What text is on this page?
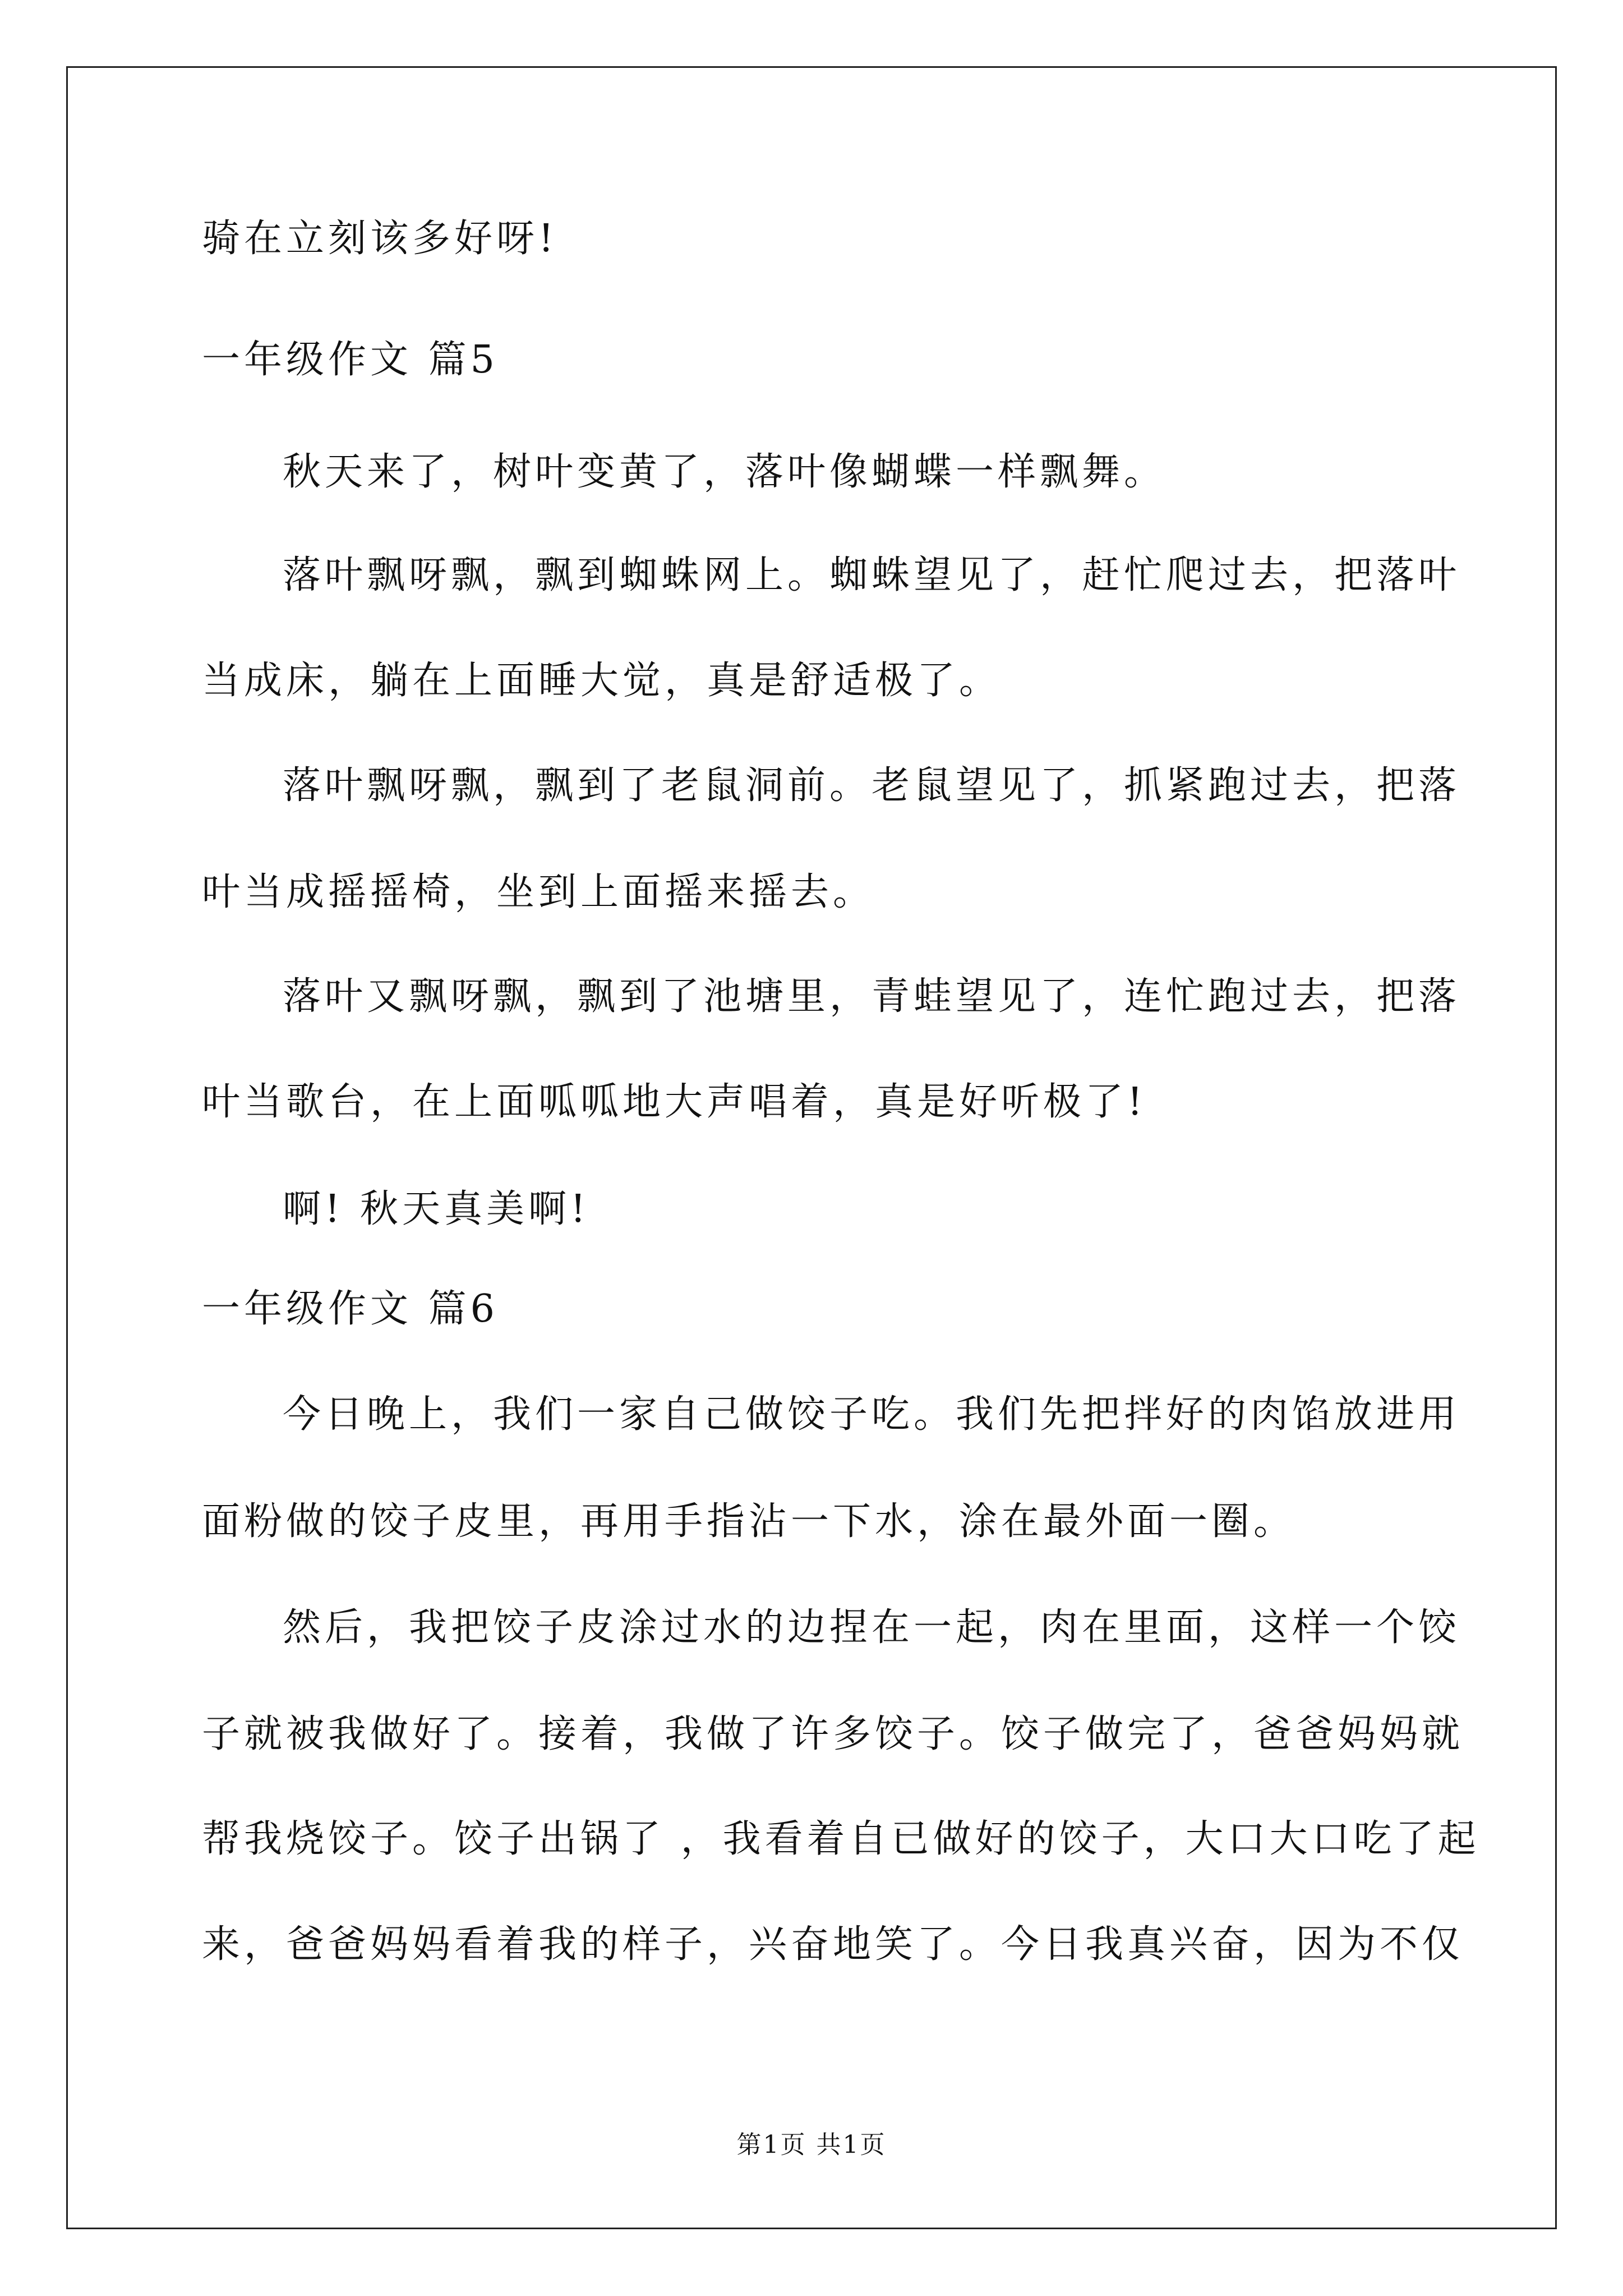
骑在立刻该多好呀!
一年级作文 篇5
秋天来了，树叶变黄了，落叶像蝴蝶一样飘舞。
落叶飘呀飘，飘到蜘蛛网上。蜘蛛望见了，赶忙爬过去，把落叶
当成床，躺在上面睡大觉，真是舒适极了。
落叶飘呀飘，飘到了老鼠洞前。老鼠望见了，抓紧跑过去，把落
叶当成摇摇椅，坐到上面摇来摇去。
落叶又飘呀飘，飘到了池塘里，青蛙望见了，连忙跑过去，把落
叶当歌台，在上面呱呱地大声唱着，真是好听极了!
啊! 秋天真美啊!
一年级作文 篇6
今日晚上，我们一家自己做饺子吃。我们先把拌好的肉馅放进用
面粉做的饺子皮里，再用手指沾一下水，涂在最外面一圈。
然后，我把饺子皮涂过水的边捏在一起，肉在里面，这样一个饺
子就被我做好了。接着，我做了许多饺子。饺子做完了，爸爸妈妈就
帮我烧饺子。饺子出锅了 ，我看着自已做好的饺子，大口大口吃了起
来，爸爸妈妈看着我的样子，兴奋地笑了。今日我真兴奋，因为不仅
第1页 共1页
